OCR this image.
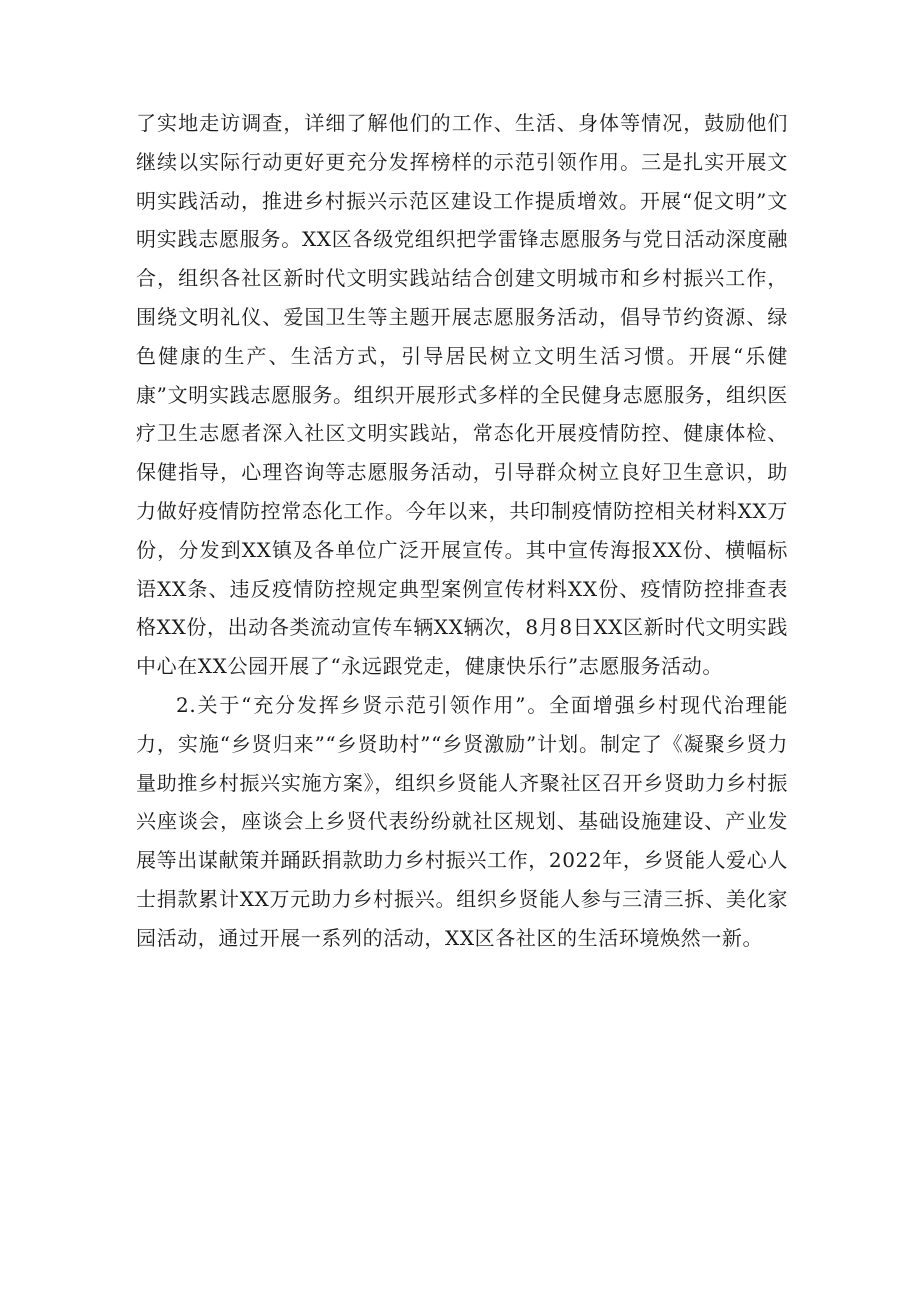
了实地走访调查，详细了解他们的工作、生活、身体等情况，鼓励他们继续以实际行动更好更充分发挥榜样的示范引领作用。三是扎实开展文明实践活动，推进乡村振兴示范区建设工作提质增效。开展“促文明”文明实践志愿服务。XX区各级党组织把学雷锋志愿服务与党日活动深度融合，组织各社区新时代文明实践站结合创建文明城市和乡村振兴工作，围绕文明礼仪、爱国卫生等主题开展志愿服务活动，倡导节约资源、绿色健康的生产、生活方式，引导居民树立文明生活习惯。开展“乐健康”文明实践志愿服务。组织开展形式多样的全民健身志愿服务，组织医疗卫生志愿者深入社区文明实践站，常态化开展疫情防控、健康体检、保健指导，心理咨询等志愿服务活动，引导群众树立良好卫生意识，助力做好疫情防控常态化工作。今年以来，共印制疫情防控相关材料XX万份，分发到XX镇及各单位广泛开展宣传。其中宣传海报XX份、横幅标语XX条、违反疫情防控规定典型案例宣传材料XX份、疫情防控排查表格XX份，出动各类流动宣传车辆XX辆次，8月8日XX区新时代文明实践中心在XX公园开展了“永远跟党走，健康快乐行”志愿服务活动。

2.关于“充分发挥乡贤示范引领作用”。全面增强乡村现代治理能力，实施“乡贤归来”“乡贤助村”“乡贤激励”计划。制定了《凝聚乡贤力量助推乡村振兴实施方案》，组织乡贤能人齐聚社区召开乡贤助力乡村振兴座谈会，座谈会上乡贤代表纷纷就社区规划、基础设施建设、产业发展等出谋献策并踊跃捐款助力乡村振兴工作，2022年，乡贤能人爱心人士捐款累计XX万元助力乡村振兴。组织乡贤能人参与三清三拆、美化家园活动，通过开展一系列的活动，XX区各社区的生活环境焕然一新。
